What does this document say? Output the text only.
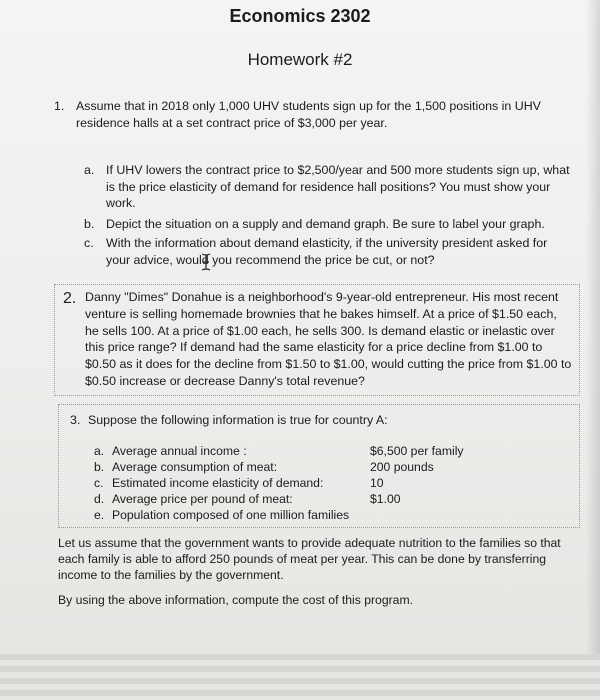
Economics 2302
Homework #2
1. Assume that in 2018 only 1,000 UHV students sign up for the 1,500 positions in UHV residence halls at a set contract price of $3,000 per year.
a. If UHV lowers the contract price to $2,500/year and 500 more students sign up, what is the price elasticity of demand for residence hall positions? You must show your work.
b. Depict the situation on a supply and demand graph. Be sure to label your graph.
c. With the information about demand elasticity, if the university president asked for your advice, would you recommend the price be cut, or not?
2. Danny "Dimes" Donahue is a neighborhood's 9-year-old entrepreneur. His most recent venture is selling homemade brownies that he bakes himself. At a price of $1.50 each, he sells 100. At a price of $1.00 each, he sells 300. Is demand elastic or inelastic over this price range? If demand had the same elasticity for a price decline from $1.00 to $0.50 as it does for the decline from $1.50 to $1.00, would cutting the price from $1.00 to $0.50 increase or decrease Danny's total revenue?
3. Suppose the following information is true for country A:
a. Average annual income :	$6,500 per family
b. Average consumption of meat:	200 pounds
c. Estimated income elasticity of demand:	10
d. Average price per pound of meat:	$1.00
e. Population composed of one million families
Let us assume that the government wants to provide adequate nutrition to the families so that each family is able to afford 250 pounds of meat per year. This can be done by transferring income to the families by the government.
By using the above information, compute the cost of this program.
